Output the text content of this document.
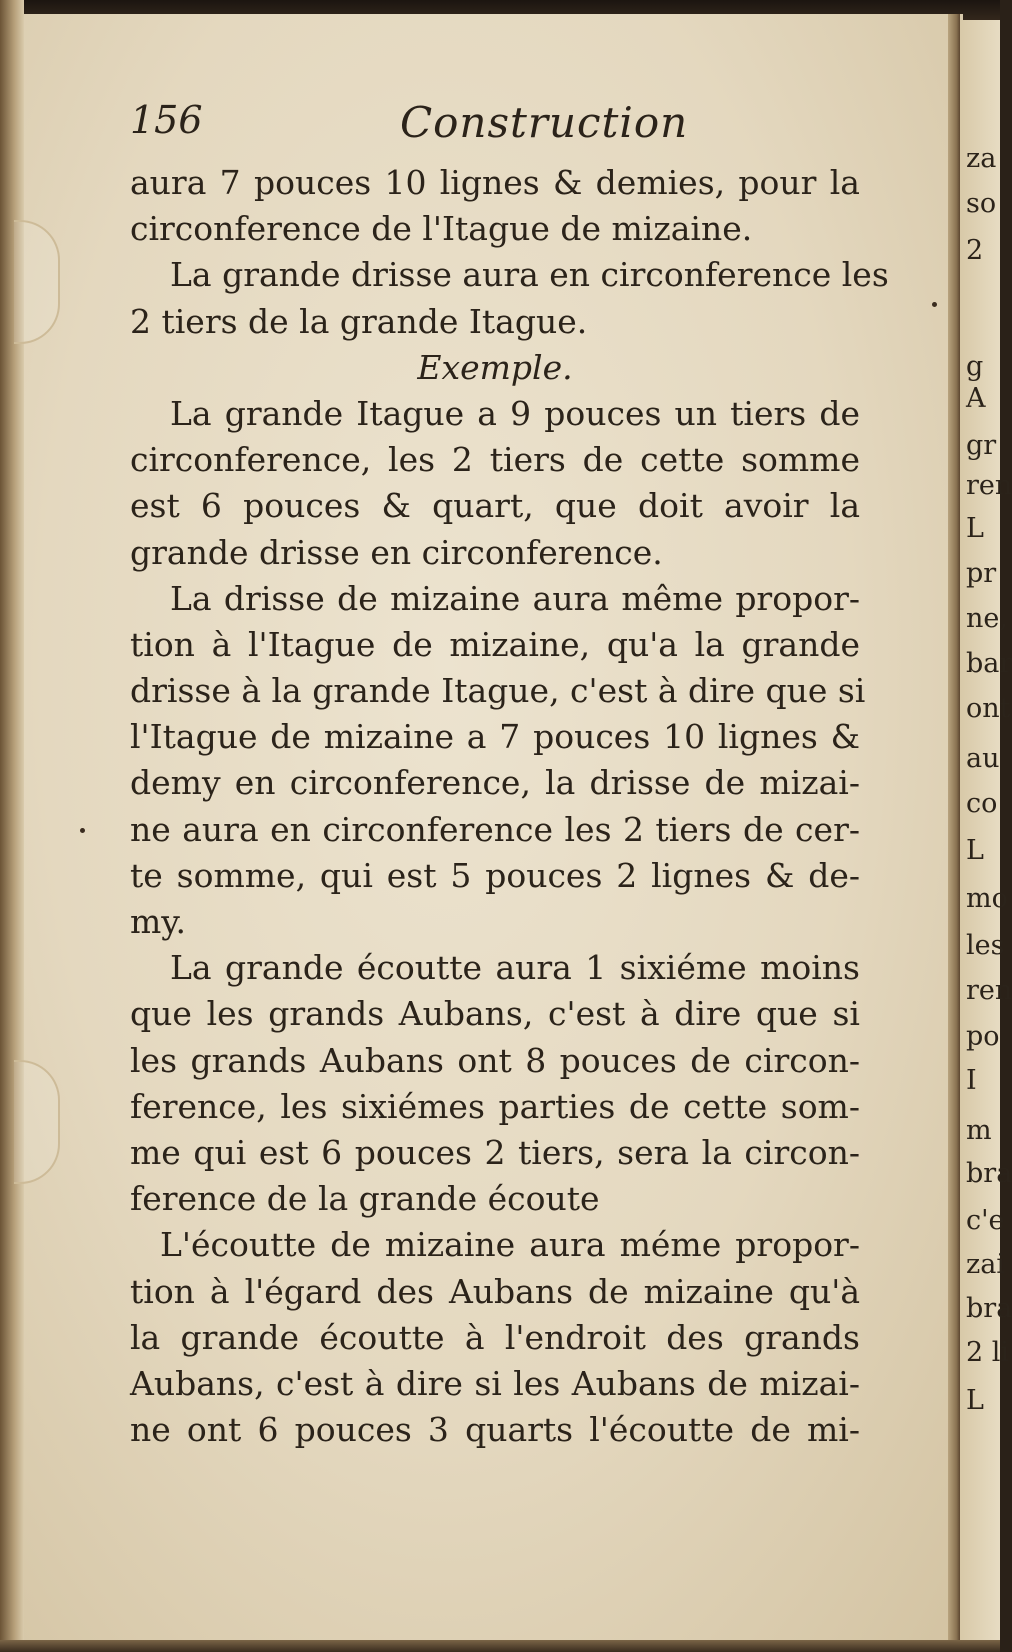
za
so
2
g
A
gr
ren
L
pr
ne,
bar
ont
au
co
L
mo
les
ren
po
I
m
bra
c'e
zai
bra
2 li
L
156	Construction
aura 7 pouces 10 lignes & demies, pour la
circonference de l'Itague de mizaine.
La grande drisse aura en circonference les
2 tiers de la grande Itague.
Exemple.
La grande Itague a 9 pouces un tiers de
circonference, les 2 tiers de cette somme
est 6 pouces & quart, que doit avoir la
grande drisse en circonference.
La drisse de mizaine aura même propor-
tion à l'Itague de mizaine, qu'a la grande
drisse à la grande Itague, c'est à dire que si
l'Itague de mizaine a 7 pouces 10 lignes &
demy en circonference, la drisse de mizai-
ne aura en circonference les 2 tiers de cer-
te somme, qui est 5 pouces 2 lignes & de-
my.
La grande écoutte aura 1 sixiéme moins
que les grands Aubans, c'est à dire que si
les grands Aubans ont 8 pouces de circon-
ference, les sixiémes parties de cette som-
me qui est 6 pouces 2 tiers, sera la circon-
ference de la grande écoute
L'écoutte de mizaine aura méme propor-
tion à l'égard des Aubans de mizaine qu'à
la grande écoutte à l'endroit des grands
Aubans, c'est à dire si les Aubans de mizai-
ne ont 6 pouces 3 quarts l'écoutte de mi-
